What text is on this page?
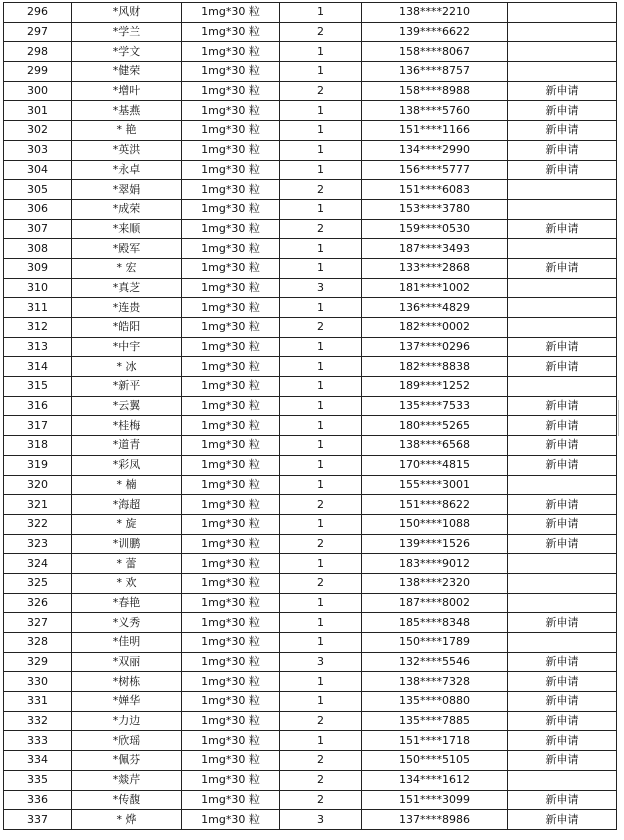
296	*风财	1mg*30 粒	1	138****2210	
297	*学兰	1mg*30 粒	2	139****6622	
298	*学文	1mg*30 粒	1	158****8067	
299	*健荣	1mg*30 粒	1	136****8757	
300	*增叶	1mg*30 粒	2	158****8988	新申请
301	*基燕	1mg*30 粒	1	138****5760	新申请
302	* 艳	1mg*30 粒	1	151****1166	新申请
303	*英洪	1mg*30 粒	1	134****2990	新申请
304	*永卓	1mg*30 粒	1	156****5777	新申请
305	*翠娟	1mg*30 粒	2	151****6083	
306	*成荣	1mg*30 粒	1	153****3780	
307	*来顺	1mg*30 粒	2	159****0530	新申请
308	*殿军	1mg*30 粒	1	187****3493	
309	* 宏	1mg*30 粒	1	133****2868	新申请
310	*真芝	1mg*30 粒	3	181****1002	
311	*连贵	1mg*30 粒	1	136****4829	
312	*皓阳	1mg*30 粒	2	182****0002	
313	*中宇	1mg*30 粒	1	137****0296	新申请
314	* 冰	1mg*30 粒	1	182****8838	新申请
315	*新平	1mg*30 粒	1	189****1252	
316	*云翼	1mg*30 粒	1	135****7533	新申请
317	*桂梅	1mg*30 粒	1	180****5265	新申请
318	*道青	1mg*30 粒	1	138****6568	新申请
319	*彩凤	1mg*30 粒	1	170****4815	新申请
320	* 楠	1mg*30 粒	1	155****3001	
321	*海超	1mg*30 粒	2	151****8622	新申请
322	* 旋	1mg*30 粒	1	150****1088	新申请
323	*训鹏	1mg*30 粒	2	139****1526	新申请
324	* 蕾	1mg*30 粒	1	183****9012	
325	* 欢	1mg*30 粒	2	138****2320	
326	*春艳	1mg*30 粒	1	187****8002	
327	*义秀	1mg*30 粒	1	185****8348	新申请
328	*佳明	1mg*30 粒	1	150****1789	
329	*双丽	1mg*30 粒	3	132****5546	新申请
330	*树栋	1mg*30 粒	1	138****7328	新申请
331	*婵华	1mg*30 粒	1	135****0880	新申请
332	*力边	1mg*30 粒	2	135****7885	新申请
333	*欣瑶	1mg*30 粒	1	151****1718	新申请
334	*佩芬	1mg*30 粒	2	150****5105	新申请
335	*燚芹	1mg*30 粒	2	134****1612	
336	*传馥	1mg*30 粒	2	151****3099	新申请
337	* 烨	1mg*30 粒	3	137****8986	新申请
